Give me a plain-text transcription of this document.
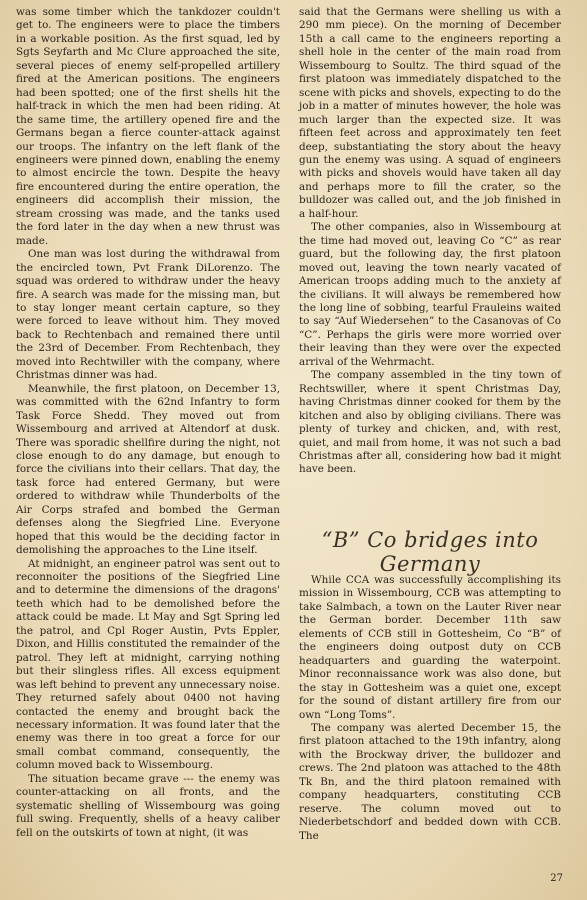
was some timber which the tankdozer couldn't get to. The engineers were to place the timbers in a workable position. As the first squad, led by Sgts Seyfarth and Mc Clure approached the site, several pieces of enemy self-propelled artillery fired at the American positions. The engineers had been spotted; one of the first shells hit the half-track in which the men had been riding. At the same time, the artillery opened fire and the Germans began a fierce counter-attack against our troops. The infantry on the left flank of the engineers were pinned down, enabling the enemy to almost encircle the town. Despite the heavy fire encountered during the entire operation, the engineers did accomplish their mission, the stream crossing was made, and the tanks used the ford later in the day when a new thrust was made.

One man was lost during the withdrawal from the encircled town, Pvt Frank DiLorenzo. The squad was ordered to withdraw under the heavy fire. A search was made for the missing man, but to stay longer meant certain capture, so they were forced to leave without him. They moved back to Rechtenbach and remained there until the 23rd of December. From Rechtenbach, they moved into Rechtwiller with the company, where Christmas dinner was had.

Meanwhile, the first platoon, on December 13, was committed with the 62nd Infantry to form Task Force Shedd. They moved out from Wissembourg and arrived at Altendorf at dusk. There was sporadic shellfire during the night, not close enough to do any damage, but enough to force the civilians into their cellars. That day, the task force had entered Germany, but were ordered to withdraw while Thunderbolts of the Air Corps strafed and bombed the German defenses along the Siegfried Line. Everyone hoped that this would be the deciding factor in demolishing the approaches to the Line itself.

At midnight, an engineer patrol was sent out to reconnoiter the positions of the Siegfried Line and to determine the dimensions of the dragons' teeth which had to be demolished before the attack could be made. Lt May and Sgt Spring led the patrol, and Cpl Roger Austin, Pvts Eppler, Dixon, and Hillis constituted the remainder of the patrol. They left at midnight, carrying nothing but their slingless rifles. All excess equipment was left behind to prevent any unnecessary noise. They returned safely about 0400 not having contacted the enemy and brought back the necessary information. It was found later that the enemy was there in too great a force for our small combat command, consequently, the column moved back to Wissembourg.

The situation became grave --- the enemy was counter-attacking on all fronts, and the systematic shelling of Wissembourg was going full swing. Frequently, shells of a heavy caliber fell on the outskirts of town at night, (it was

said that the Germans were shelling us with a 290 mm piece). On the morning of December 15th a call came to the engineers reporting a shell hole in the center of the main road from Wissembourg to Soultz. The third squad of the first platoon was immediately dispatched to the scene with picks and shovels, expecting to do the job in a matter of minutes however, the hole was much larger than the expected size. It was fifteen feet across and approximately ten feet deep, substantiating the story about the heavy gun the enemy was using. A squad of engineers with picks and shovels would have taken all day and perhaps more to fill the crater, so the bulldozer was called out, and the job finished in a half-hour.

The other companies, also in Wissembourg at the time had moved out, leaving Co “C” as rear guard, but the following day, the first platoon moved out, leaving the town nearly vacated of American troops adding much to the anxiety af the civilians. It will always be remembered how the long line of sobbing, tearful Frauleins waited to say “Auf Wiedersehen” to the Casanovas of Co “C”. Perhaps the girls were more worried over their leaving than they were over the expected arrival of the Wehrmacht.

The company assembled in the tiny town of Rechtswiller, where it spent Christmas Day, having Christmas dinner cooked for them by the kitchen and also by obliging civilians. There was plenty of turkey and chicken, and, with rest, quiet, and mail from home, it was not such a bad Christmas after all, considering how bad it might have been.

“B” Co bridges into Germany

While CCA was successfully accomplishing its mission in Wissembourg, CCB was attempting to take Salmbach, a town on the Lauter River near the German border. December 11th saw elements of CCB still in Gottesheim, Co “B” of the engineers doing outpost duty on CCB headquarters and guarding the waterpoint. Minor reconnaissance work was also done, but the stay in Gottesheim was a quiet one, except for the sound of distant artillery fire from our own “Long Toms”.

The company was alerted December 15, the first platoon attached to the 19th infantry, along with the Brockway driver, the bulldozer and crews. The 2nd platoon was attached to the 48th Tk Bn, and the third platoon remained with company headquarters, constituting CCB reserve. The column moved out to Niederbetschdorf and bedded down with CCB. The

27
